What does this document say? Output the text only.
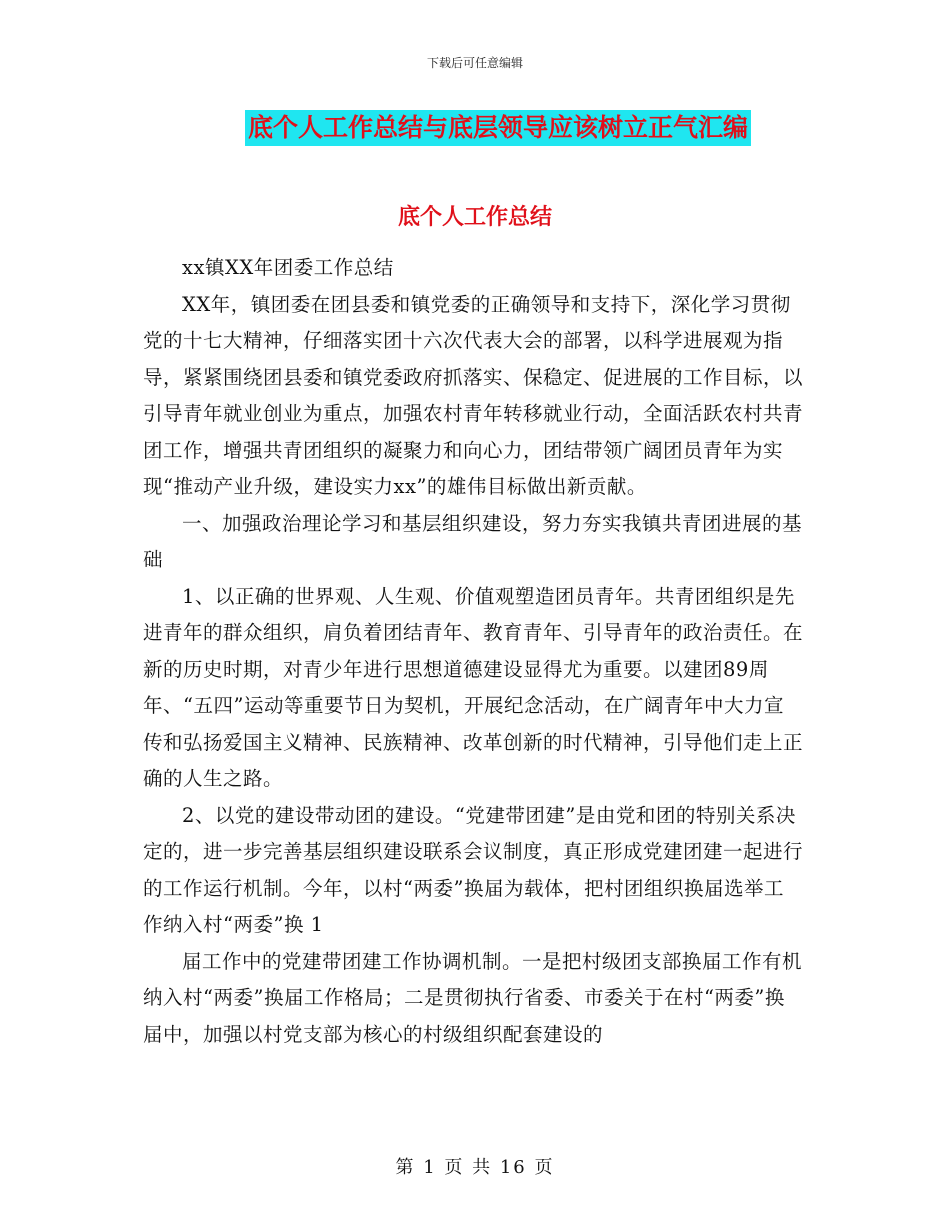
下载后可任意编辑
底个人工作总结与底层领导应该树立正气汇编
底个人工作总结

xx镇XX年团委工作总结

XX年，镇团委在团县委和镇党委的正确领导和支持下，深化学习贯彻党的十七大精神，仔细落实团十六次代表大会的部署，以科学进展观为指导，紧紧围绕团县委和镇党委政府抓落实、保稳定、促进展的工作目标，以引导青年就业创业为重点，加强农村青年转移就业行动，全面活跃农村共青团工作，增强共青团组织的凝聚力和向心力，团结带领广阔团员青年为实现“推动产业升级，建设实力xx”的雄伟目标做出新贡献。

一、加强政治理论学习和基层组织建设，努力夯实我镇共青团进展的基础

1、以正确的世界观、人生观、价值观塑造团员青年。共青团组织是先进青年的群众组织，肩负着团结青年、教育青年、引导青年的政治责任。在新的历史时期，对青少年进行思想道德建设显得尤为重要。以建团89周年、“五四”运动等重要节日为契机，开展纪念活动，在广阔青年中大力宣传和弘扬爱国主义精神、民族精神、改革创新的时代精神，引导他们走上正确的人生之路。

2、以党的建设带动团的建设。“党建带团建”是由党和团的特别关系决定的，进一步完善基层组织建设联系会议制度，真正形成党建团建一起进行的工作运行机制。今年，以村“两委”换届为载体，把村团组织换届选举工作纳入村“两委”换 1

届工作中的党建带团建工作协调机制。一是把村级团支部换届工作有机纳入村“两委”换届工作格局；二是贯彻执行省委、市委关于在村“两委”换届中，加强以村党支部为核心的村级组织配套建设的

第 1 页 共 16 页
